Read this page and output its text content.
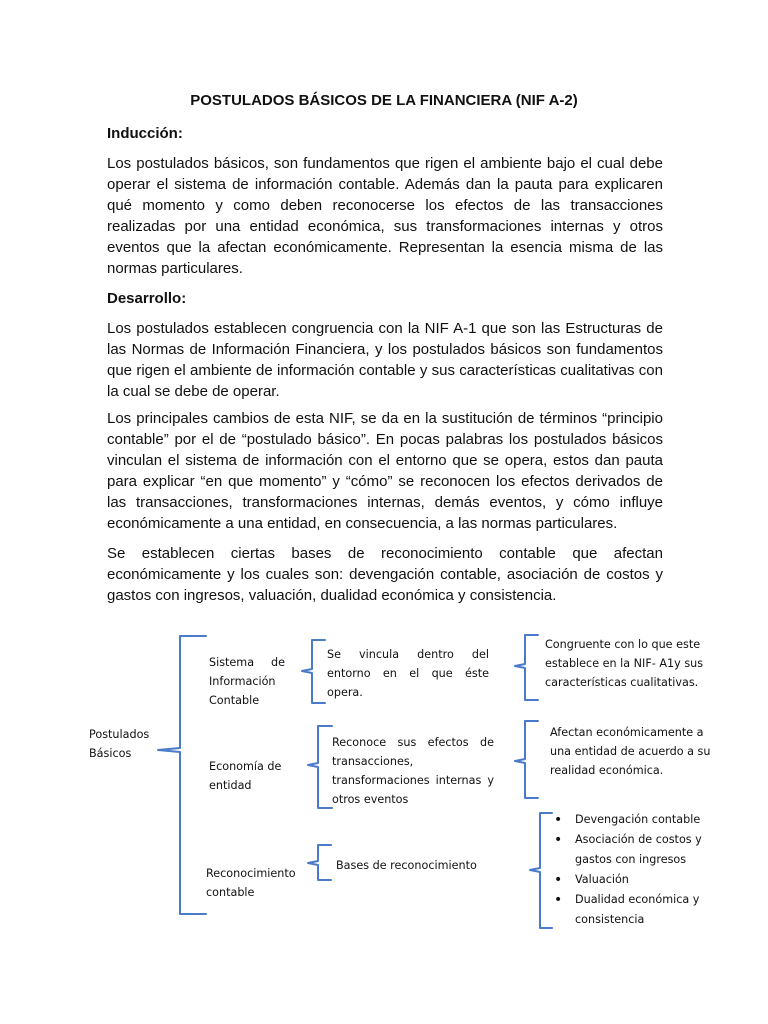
POSTULADOS BÁSICOS DE LA FINANCIERA (NIF A-2)
Inducción:

Los postulados básicos, son fundamentos que rigen el ambiente bajo el cual debe operar el sistema de información contable. Además dan la pauta para explicaren qué momento y como deben reconocerse los efectos de las transacciones realizadas por una entidad económica, sus transformaciones internas y otros eventos que la afectan económicamente. Representan la esencia misma de las normas particulares.

Desarrollo:

Los postulados establecen congruencia con la NIF A-1 que son las Estructuras de las Normas de Información Financiera, y los postulados básicos son fundamentos que rigen el ambiente de información contable y sus características cualitativas con la cual se debe de operar.

Los principales cambios de esta NIF, se da en la sustitución de términos “principio contable” por el de “postulado básico”. En pocas palabras los postulados básicos vinculan el sistema de información con el entorno que se opera, estos dan pauta para explicar “en que momento” y “cómo” se reconocen los efectos derivados de las transacciones, transformaciones internas, demás eventos, y cómo influye económicamente a una entidad, en consecuencia, a las normas particulares.

Se establecen ciertas bases de reconocimiento contable que afectan económicamente y los cuales son: devengación contable, asociación de costos y gastos con ingresos, valuación, dualidad económica y consistencia.

Postulados Básicos
Sistema de Información Contable
Se vincula dentro del entorno en el que éste opera.
Congruente con lo que este establece en la NIF- A1y sus características cualitativas.
Economía de entidad
Reconoce sus efectos de transacciones, transformaciones internas y otros eventos
Afectan económicamente a una entidad de acuerdo a su realidad económica.
Reconocimiento contable
Bases de reconocimiento
• Devengación contable
• Asociación de costos y gastos con ingresos
• Valuación
• Dualidad económica y consistencia
